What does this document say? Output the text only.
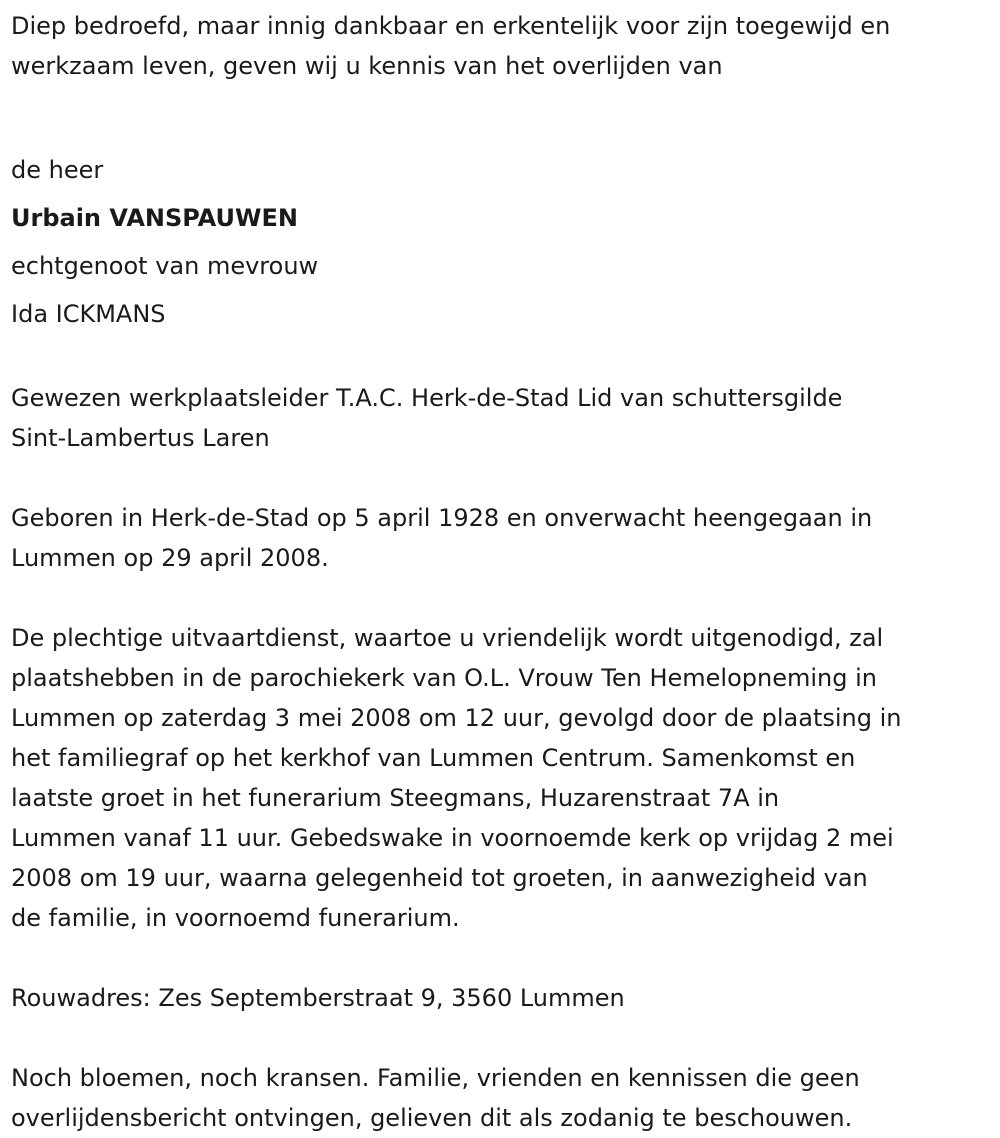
Diep bedroefd, maar innig dankbaar en erkentelijk voor zijn toegewijd en
werkzaam leven, geven wij u kennis van het overlijden van
de heer
Urbain VANSPAUWEN
echtgenoot van mevrouw
Ida ICKMANS
Gewezen werkplaatsleider T.A.C. Herk-de-Stad Lid van schuttersgilde
Sint-Lambertus Laren
Geboren in Herk-de-Stad op 5 april 1928 en onverwacht heengegaan in
Lummen op 29 april 2008.
De plechtige uitvaartdienst, waartoe u vriendelijk wordt uitgenodigd, zal
plaatshebben in de parochiekerk van O.L. Vrouw Ten Hemelopneming in
Lummen op zaterdag 3 mei 2008 om 12 uur, gevolgd door de plaatsing in
het familiegraf op het kerkhof van Lummen Centrum. Samenkomst en
laatste groet in het funerarium Steegmans, Huzarenstraat 7A in
Lummen vanaf 11 uur. Gebedswake in voornoemde kerk op vrijdag 2 mei
2008 om 19 uur, waarna gelegenheid tot groeten, in aanwezigheid van
de familie, in voornoemd funerarium.
Rouwadres: Zes Septemberstraat 9, 3560 Lummen
Noch bloemen, noch kransen. Familie, vrienden en kennissen die geen
overlijdensbericht ontvingen, gelieven dit als zodanig te beschouwen.
